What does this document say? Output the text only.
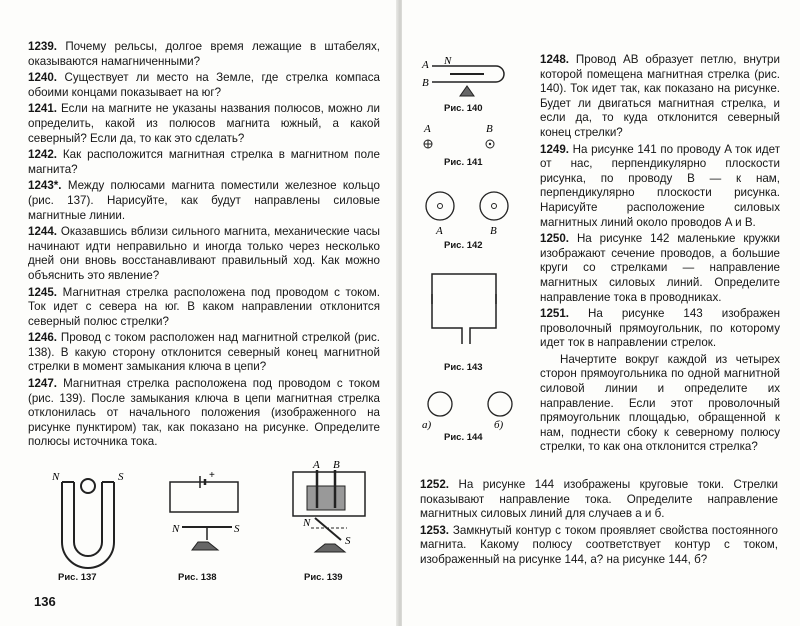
1239. Почему рельсы, долгое время лежащие в штабелях, оказываются намагниченными?

1240. Существует ли место на Земле, где стрелка компаса обоими концами показывает на юг?

1241. Если на магните не указаны названия полюсов, можно ли определить, какой из полюсов магнита южный, а какой северный? Если да, то как это сделать?

1242. Как расположится магнитная стрелка в магнитном поле магнита?

1243*. Между полюсами магнита поместили железное кольцо (рис. 137). Нарисуйте, как будут направлены силовые магнитные линии.

1244. Оказавшись вблизи сильного магнита, механические часы начинают идти неправильно и иногда только через несколько дней они вновь восстанавливают правильный ход. Как можно объяснить это явление?

1245. Магнитная стрелка расположена под проводом с током. Ток идет с севера на юг. В каком направлении отклонится северный полюс стрелки?

1246. Провод с током расположен над магнитной стрелкой (рис. 138). В какую сторону отклонится северный конец магнитной стрелки в момент замыкания ключа в цепи?

1247. Магнитная стрелка расположена под проводом с током (рис. 139). После замыкания ключа в цепи магнитная стрелка отклонилась от начального положения (изображенного на рисунке пунктиром) так, как показано на рисунке. Определите полюсы источника тока.

N	S
Рис. 137
+
N	S
Рис. 138
A B
N
S
Рис. 139
136
A
B
N
Рис. 140
A	B
Рис. 141
A	B
Рис. 142
Рис. 143
а)	б)
Рис. 144

1248. Провод AB образует петлю, внутри которой помещена магнитная стрелка (рис. 140). Ток идет так, как показано на рисунке. Будет ли двигаться магнитная стрелка, и если да, то куда отклонится северный конец стрелки?

1249. На рисунке 141 по проводу A ток идет от нас, перпендикулярно плоскости рисунка, по проводу B — к нам, перпендикулярно плоскости рисунка. Нарисуйте расположение силовых магнитных линий около проводов A и B.

1250. На рисунке 142 маленькие кружки изображают сечение проводов, а большие круги со стрелками — направление магнитных силовых линий. Определите направление тока в проводниках.

1251. На рисунке 143 изображен проволочный прямоугольник, по которому идет ток в направлении стрелок.

Начертите вокруг каждой из четырех сторон прямоугольника по одной магнитной силовой линии и определите их направление. Если этот проволочный прямоугольник площадью, обращенной к нам, поднести сбоку к северному полюсу стрелки, то как она отклонится стрелка?

1252. На рисунке 144 изображены круговые токи. Стрелки показывают направление тока. Определите направление магнитных силовых линий для случаев а и б.

1253. Замкнутый контур с током проявляет свойства постоянного магнита. Какому полюсу соответствует контур с током, изображенный на рисунке 144, а? на рисунке 144, б?
